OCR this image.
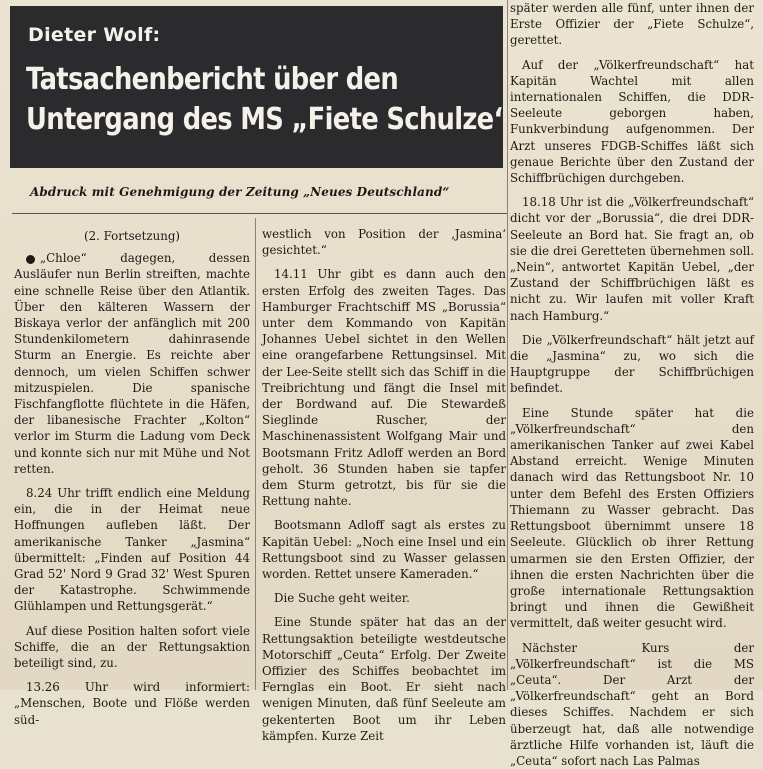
Dieter Wolf:
Tatsachenbericht über den
Untergang des MS „Fiete Schulze‘
Abdruck mit Genehmigung der Zeitung „Neues Deutschland“

(2. Fortsetzung)

„Chloe“ dagegen, dessen Ausläufer nun Berlin streiften, machte eine schnelle Reise über den Atlantik. Über den kälteren Wassern der Biskaya verlor der anfänglich mit 200 Stundenkilometern dahinrasende Sturm an Energie. Es reichte aber dennoch, um vielen Schiffen schwer mitzuspielen. Die spanische Fischfangflotte flüchtete in die Häfen, der libanesische Frachter „Kolton“ verlor im Sturm die Ladung vom Deck und konnte sich nur mit Mühe und Not retten.

8.24 Uhr trifft endlich eine Meldung ein, die in der Heimat neue Hoffnungen aufleben läßt. Der amerikanische Tanker „Jasmina“ übermittelt: „Finden auf Position 44 Grad 52' Nord 9 Grad 32' West Spuren der Katastrophe. Schwimmende Glühlampen und Rettungsgerät.“

Auf diese Position halten sofort viele Schiffe, die an der Rettungsaktion beteiligt sind, zu.

13.26 Uhr wird informiert: „Menschen, Boote und Flöße werden süd-

westlich von Position der ‚Jasmina‘ gesichtet.“

14.11 Uhr gibt es dann auch den ersten Erfolg des zweiten Tages. Das Hamburger Frachtschiff MS „Borussia“ unter dem Kommando von Kapitän Johannes Uebel sichtet in den Wellen eine orangefarbene Rettungsinsel. Mit der Lee-Seite stellt sich das Schiff in die Treibrichtung und fängt die Insel mit der Bordwand auf. Die Stewardeß Sieglinde Ruscher, der Maschinenassistent Wolfgang Mair und Bootsmann Fritz Adloff werden an Bord geholt. 36 Stunden haben sie tapfer dem Sturm getrotzt, bis für sie die Rettung nahte.

Bootsmann Adloff sagt als erstes zu Kapitän Uebel: „Noch eine Insel und ein Rettungsboot sind zu Wasser gelassen worden. Rettet unsere Kameraden.“

Die Suche geht weiter.

Eine Stunde später hat das an der Rettungsaktion beteiligte westdeutsche Motorschiff „Ceuta“ Erfolg. Der Zweite Offizier des Schiffes beobachtet im Fernglas ein Boot. Er sieht nach wenigen Minuten, daß fünf Seeleute am gekenterten Boot um ihr Leben kämpfen. Kurze Zeit

später werden alle fünf, unter ihnen der Erste Offizier der „Fiete Schulze“, gerettet.

Auf der „Völkerfreundschaft“ hat Kapitän Wachtel mit allen internationalen Schiffen, die DDR-Seeleute geborgen haben, Funkverbindung aufgenommen. Der Arzt unseres FDGB-Schiffes läßt sich genaue Berichte über den Zustand der Schiffbrüchigen durchgeben.

18.18 Uhr ist die „Völkerfreundschaft“ dicht vor der „Borussia“, die drei DDR-Seeleute an Bord hat. Sie fragt an, ob sie die drei Geretteten übernehmen soll. „Nein“, antwortet Kapitän Uebel, „der Zustand der Schiffbrüchigen läßt es nicht zu. Wir laufen mit voller Kraft nach Hamburg.“

Die „Völkerfreundschaft“ hält jetzt auf die „Jasmina“ zu, wo sich die Hauptgruppe der Schiffbrüchigen befindet.

Eine Stunde später hat die „Völkerfreundschaft“ den amerikanischen Tanker auf zwei Kabel Abstand erreicht. Wenige Minuten danach wird das Rettungsboot Nr. 10 unter dem Befehl des Ersten Offiziers Thiemann zu Wasser gebracht. Das Rettungsboot übernimmt unsere 18 Seeleute. Glücklich ob ihrer Rettung umarmen sie den Ersten Offizier, der ihnen die ersten Nachrichten über die große internationale Rettungsaktion bringt und ihnen die Gewißheit vermittelt, daß weiter gesucht wird.

Nächster Kurs der „Völkerfreundschaft“ ist die MS „Ceuta“. Der Arzt der „Völkerfreundschaft“ geht an Bord dieses Schiffes. Nachdem er sich überzeugt hat, daß alle notwendige ärztliche Hilfe vorhanden ist, läuft die „Ceuta“ sofort nach Las Palmas
